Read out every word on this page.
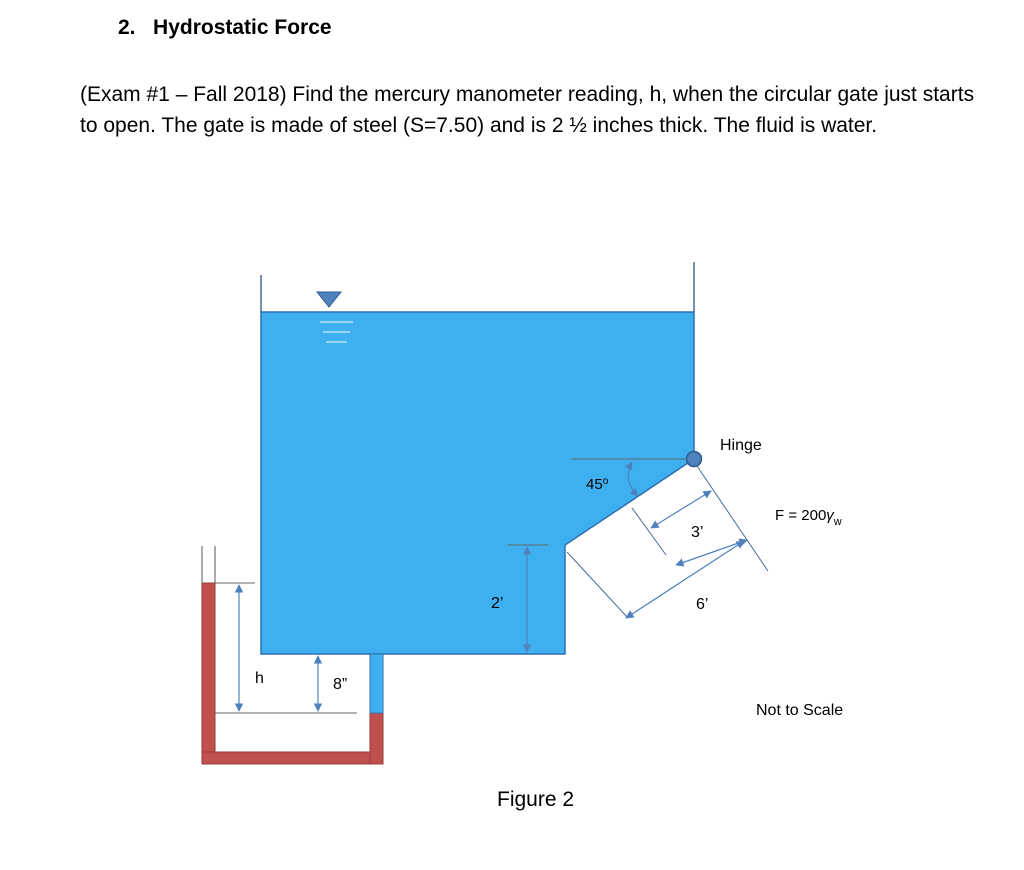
2. Hydrostatic Force

(Exam #1 – Fall 2018) Find the mercury manometer reading, h, when the circular gate just starts to open. The gate is made of steel (S=7.50) and is 2 ½ inches thick. The fluid is water.

Hinge
45$^o$
3’
$F = 200\gamma_w$
6’
2’
h	8”
Not to Scale

Figure 2
